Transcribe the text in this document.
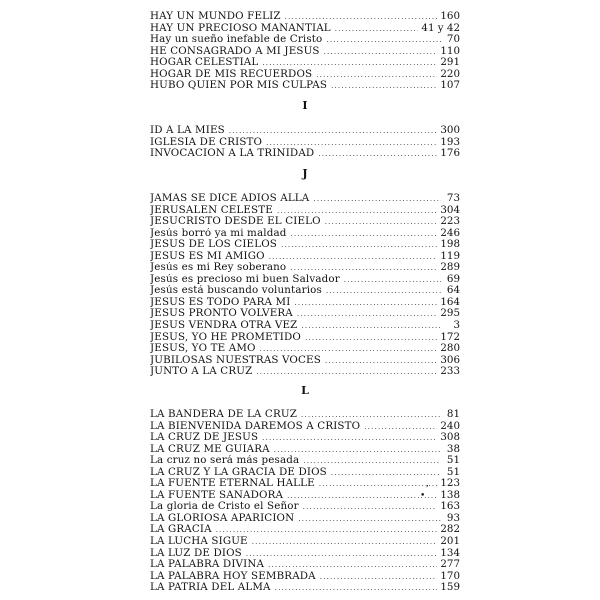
HAY UN MUNDO FELIZ .....	160
HAY UN PRECIOSO MANANTIAL .....	41 y 42
Hay un sueño inefable de Cristo .....	70
HE CONSAGRADO A MI JESUS .....	110
HOGAR CELESTIAL .....	291
HOGAR DE MIS RECUERDOS .....	220
HUBO QUIEN POR MIS CULPAS .....	107
I
ID A LA MIES .....	300
IGLESIA DE CRISTO .....	193
INVOCACION A LA TRINIDAD .....	176
J
JAMAS SE DICE ADIOS ALLA .....	73
JERUSALEN CELESTE .....	304
JESUCRISTO DESDE EL CIELO .....	223
Jesús borró ya mi maldad .....	246
JESUS DE LOS CIELOS .....	198
JESUS ES MI AMIGO .....	119
Jesús es mi Rey soberano .....	289
Jesús es precioso mi buen Salvador .....	69
Jesús está buscando voluntarios .....	64
JESUS ES TODO PARA MI .....	164
JESUS PRONTO VOLVERA .....	295
JESUS VENDRA OTRA VEZ .....	3
JESUS, YO HE PROMETIDO .....	172
JESUS, YO TE AMO .....	280
JUBILOSAS NUESTRAS VOCES .....	306
JUNTO A LA CRUZ .....	233
L
LA BANDERA DE LA CRUZ .....	81
LA BIENVENIDA DAREMOS A CRISTO .....	240
LA CRUZ DE JESUS .....	308
LA CRUZ ME GUIARA .....	38
La cruz no será más pesada .....	51
LA CRUZ Y LA GRACIA DE DIOS .....	51
LA FUENTE ETERNAL HALLE .....	123
LA FUENTE SANADORA .....	138
La gloria de Cristo el Señor .....	163
LA GLORIOSA APARICION .....	93
LA GRACIA .....	282
LA LUCHA SIGUE .....	201
LA LUZ DE DIOS .....	134
LA PALABRA DIVINA .....	277
LA PALABRA HOY SEMBRADA .....	170
LA PATRIA DEL ALMA .....	159
‚
•
